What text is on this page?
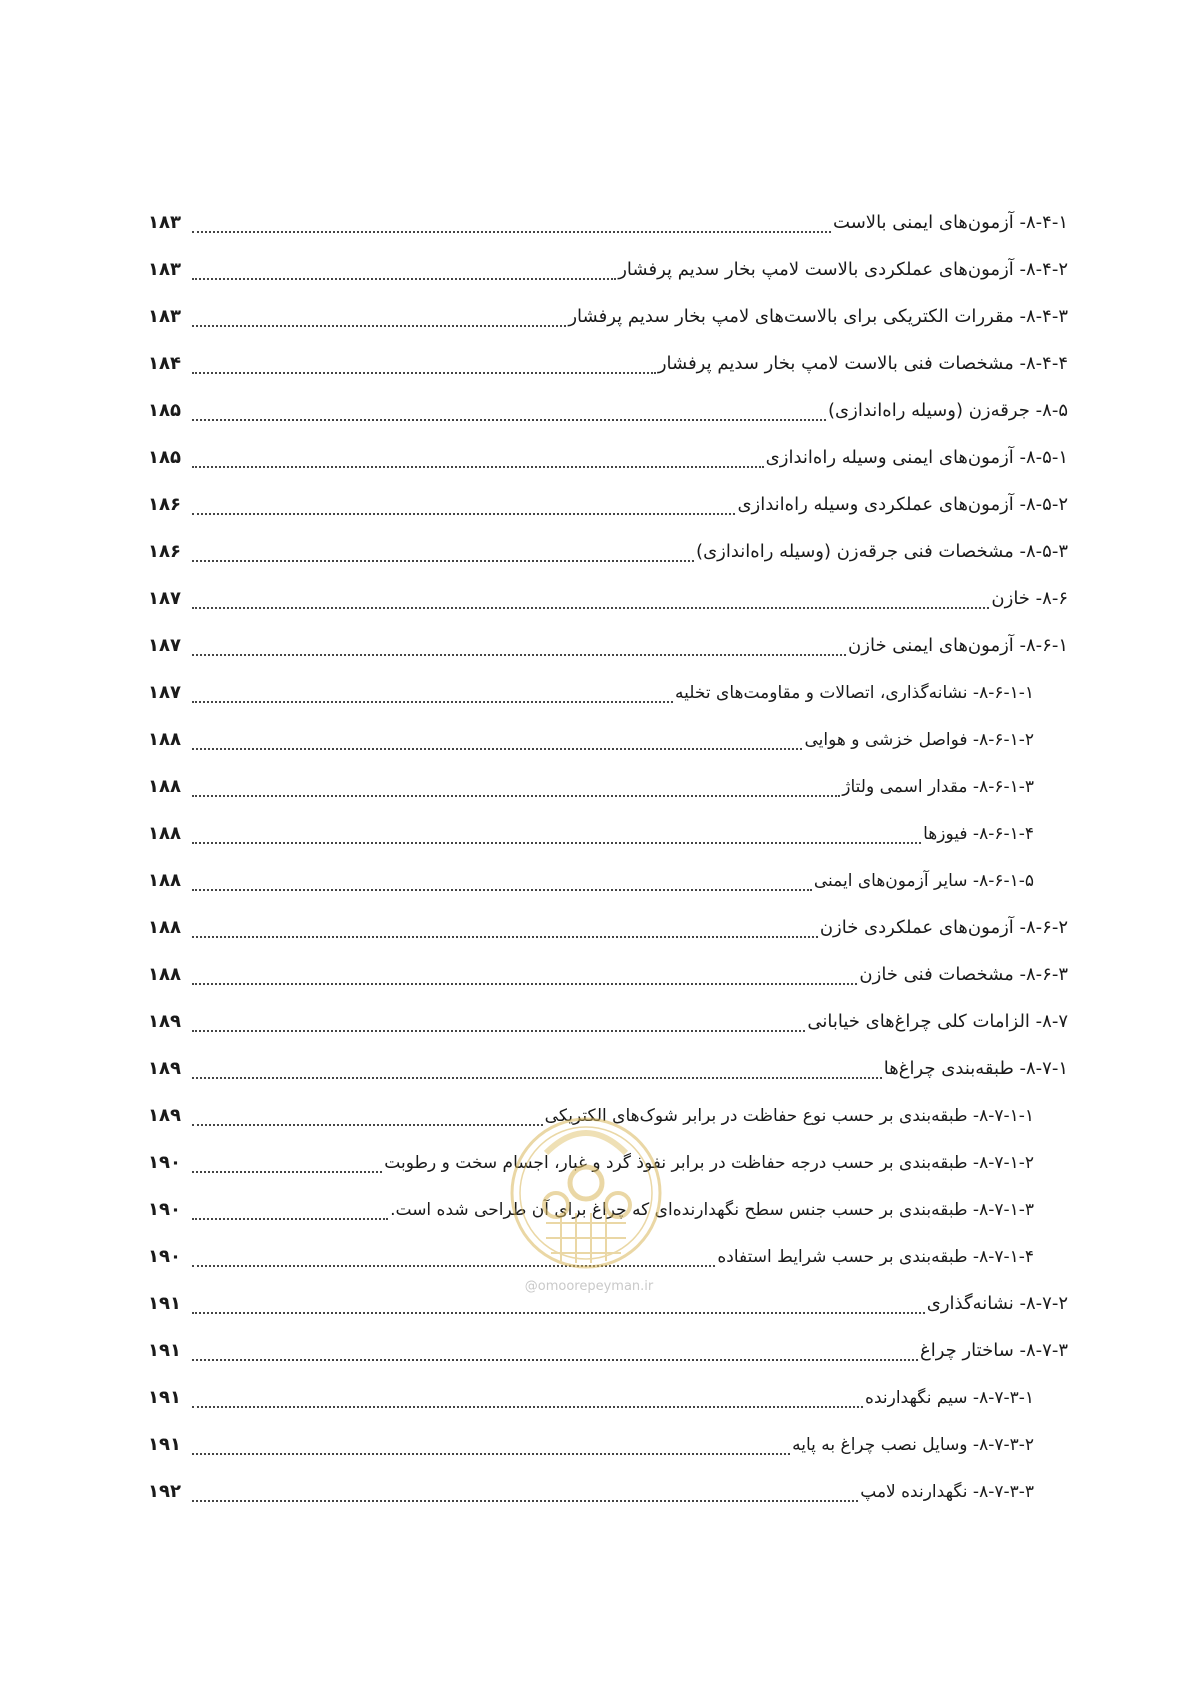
۸-۴-۱- آزمون‌های ایمنی بالاست
۱۸۳
۸-۴-۲- آزمون‌های عملکردی بالاست لامپ بخار سدیم پرفشار
۱۸۳
۸-۴-۳- مقررات الکتریکی برای بالاست‌های لامپ بخار سدیم پرفشار
۱۸۳
۸-۴-۴- مشخصات فنی بالاست لامپ بخار سدیم پرفشار
۱۸۴
۸-۵- جرقه‌زن (وسیله راه‌اندازی)
۱۸۵
۸-۵-۱- آزمون‌های ایمنی وسیله راه‌اندازی
۱۸۵
۸-۵-۲- آزمون‌های عملکردی وسیله راه‌اندازی
۱۸۶
۸-۵-۳- مشخصات فنی جرقه‌زن (وسیله راه‌اندازی)
۱۸۶
۸-۶- خازن
۱۸۷
۸-۶-۱- آزمون‌های ایمنی خازن
۱۸۷
۸-۶-۱-۱- نشانه‌گذاری، اتصالات و مقاومت‌های تخلیه
۱۸۷
۸-۶-۱-۲- فواصل خزشی و هوایی
۱۸۸
۸-۶-۱-۳- مقدار اسمی ولتاژ
۱۸۸
۸-۶-۱-۴- فیوزها
۱۸۸
۸-۶-۱-۵- سایر آزمون‌های ایمنی
۱۸۸
۸-۶-۲- آزمون‌های عملکردی خازن
۱۸۸
۸-۶-۳- مشخصات فنی خازن
۱۸۸
۸-۷- الزامات کلی چراغ‌های خیابانی
۱۸۹
۸-۷-۱- طبقه‌بندی چراغ‌ها
۱۸۹
۸-۷-۱-۱- طبقه‌بندی بر حسب نوع حفاظت در برابر شوک‌های الکتریکی
۱۸۹
۸-۷-۱-۲- طبقه‌بندی بر حسب درجه حفاظت در برابر نفوذ گرد و غبار، اجسام سخت و رطوبت
۱۹۰
۸-۷-۱-۳- طبقه‌بندی بر حسب جنس سطح نگهدارنده‌ای که چراغ برای آن طراحی شده است.
۱۹۰
۸-۷-۱-۴- طبقه‌بندی بر حسب شرایط استفاده
۱۹۰
۸-۷-۲- نشانه‌گذاری
۱۹۱
۸-۷-۳- ساختار چراغ
۱۹۱
۸-۷-۳-۱- سیم نگهدارنده
۱۹۱
۸-۷-۳-۲- وسایل نصب چراغ به پایه
۱۹۱
۸-۷-۳-۳- نگهدارنده لامپ
۱۹۲
@omoorepeyman.ir
